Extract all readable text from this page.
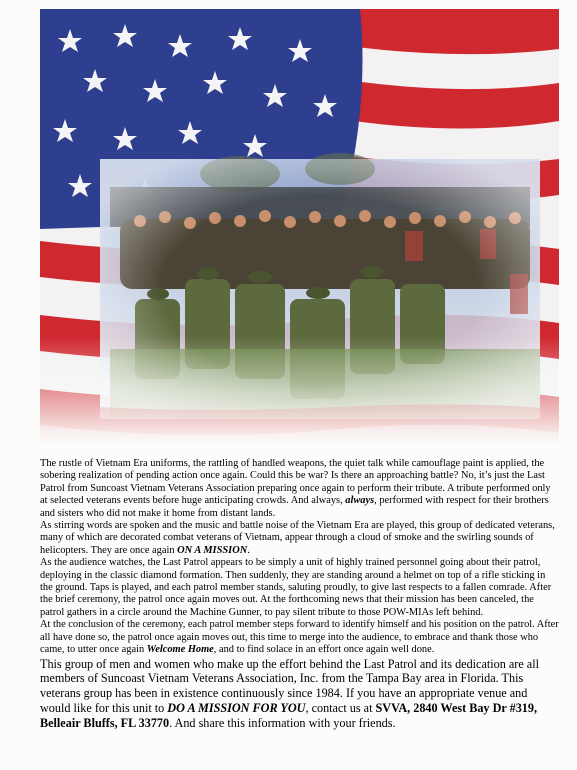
The rustle of Vietnam Era uniforms, the rattling of handled weapons, the quiet talk while camouflage paint is applied, the sobering realization of pending action once again. Could this be war? Is there an approaching battle? No, it’s just the Last Patrol from Suncoast Vietnam Veterans Association preparing once again to perform their tribute. A tribute performed only at selected veterans events before huge anticipating crowds. And always, always, performed with respect for their brothers and sisters who did not make it home from distant lands.

As stirring words are spoken and the music and battle noise of the Vietnam Era are played, this group of dedicated veterans, many of which are decorated combat veterans of Vietnam, appear through a cloud of smoke and the swirling sounds of helicopters. They are once again ON A MISSION.

As the audience watches, the Last Patrol appears to be simply a unit of highly trained personnel going about their patrol, deploying in the classic diamond formation. Then suddenly, they are standing around a helmet on top of a rifle sticking in the ground. Taps is played, and each patrol member stands, saluting proudly, to give last respects to a fallen comrade. After the brief ceremony, the patrol once again moves out. At the forthcoming news that their mission has been canceled, the patrol gathers in a circle around the Machine Gunner, to pay silent tribute to those POW-MIAs left behind.

At the conclusion of the ceremony, each patrol member steps forward to identify himself and his position on the patrol. After all have done so, the patrol once again moves out, this time to merge into the audience, to embrace and thank those who came, to utter once again Welcome Home, and to find solace in an effort once again well done.

This group of men and women who make up the effort behind the Last Patrol and its dedication are all members of Suncoast Vietnam Veterans Association, Inc. from the Tampa Bay area in Florida. This veterans group has been in existence continuously since 1984. If you have an appropriate venue and would like for this unit to DO A MISSION FOR YOU, contact us at SVVA, 2840 West Bay Dr #319, Belleair Bluffs, FL 33770. And share this information with your friends.
